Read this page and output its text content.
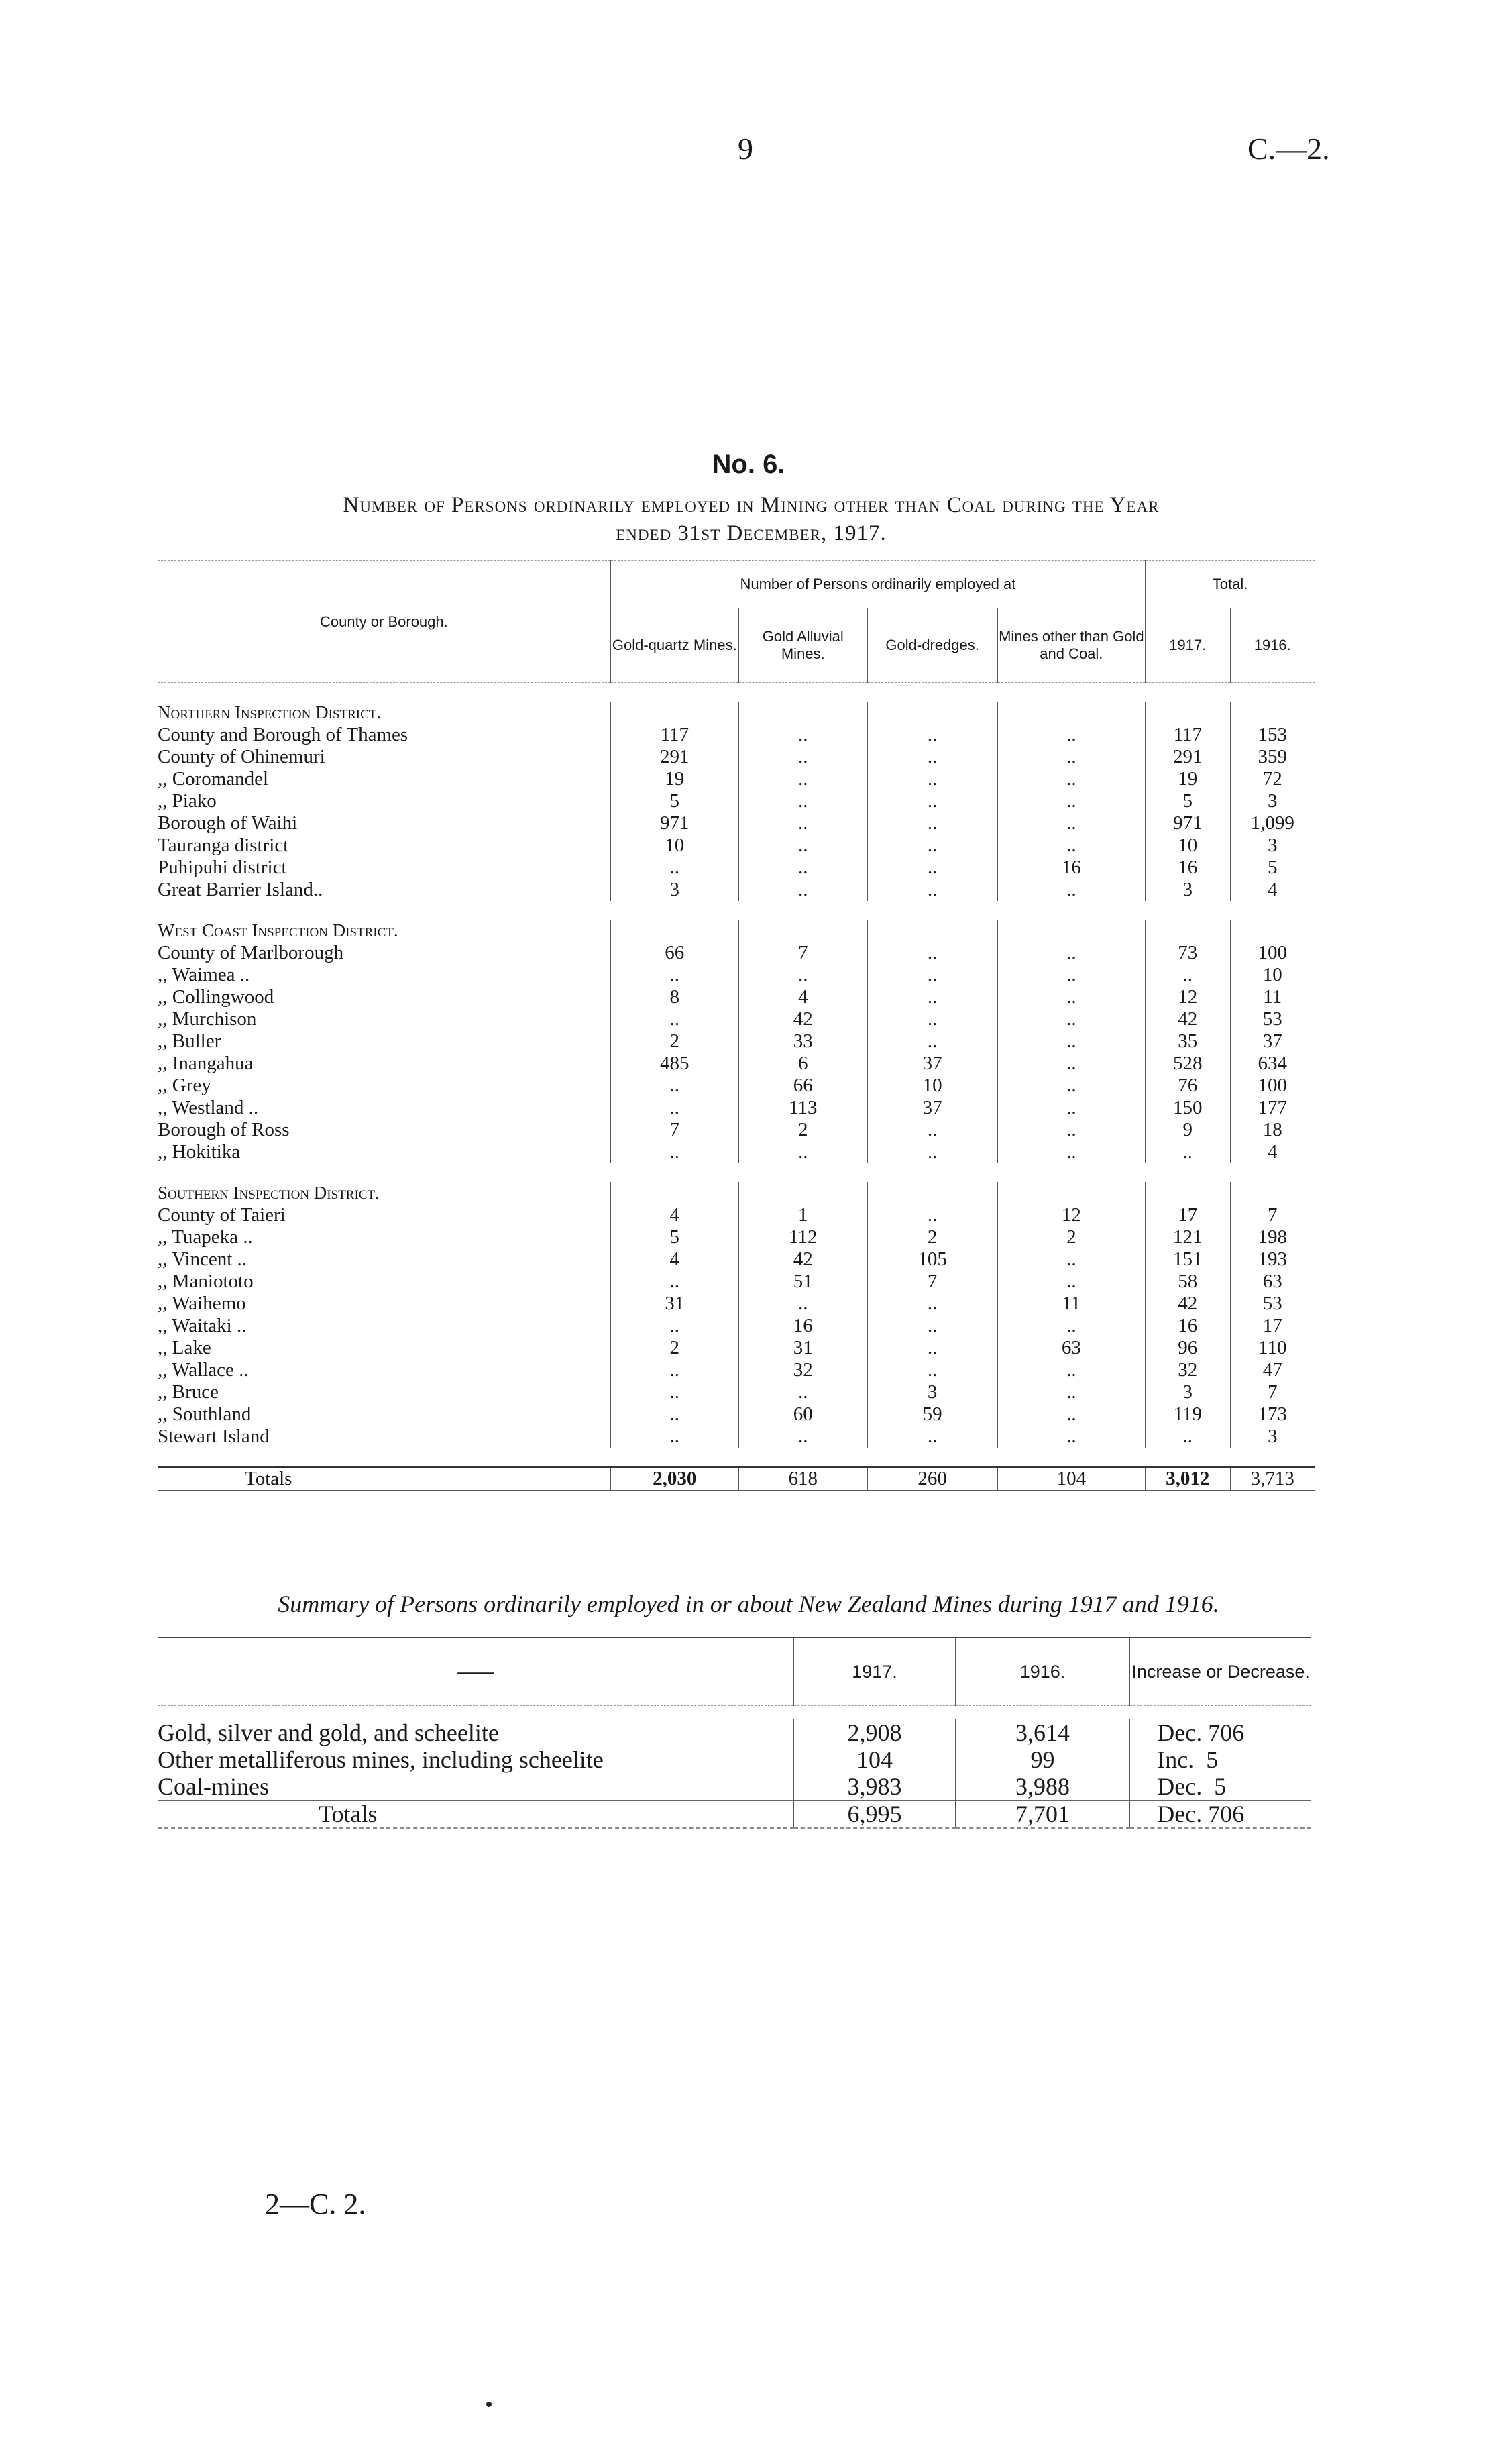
9	C.—2.
No. 6.
Number of Persons ordinarily employed in Mining other than Coal during the Year
ended 31st December, 1917.
County or Borough.	Number of Persons ordinarily employed at				Total.	
	Gold-quartz Mines.	Gold Alluvial Mines.	Gold-dredges.	Mines other than Gold and Coal.	1917.	1916.

Northern Inspection District.						
County and Borough of Thames	117	..	..	..	117	153
County of Ohinemuri	291	..	..	..	291	359
,, Coromandel	19	..	..	..	19	72
,, Piako	5	..	..	..	5	3
Borough of Waihi	971	..	..	..	971	1,099
Tauranga district	10	..	..	..	10	3
Puhipuhi district	..	..	..	16	16	5
Great Barrier Island..	3	..	..	..	3	4

West Coast Inspection District.						
County of Marlborough	66	7	..	..	73	100
,, Waimea ..	..	..	..	..	..	10
,, Collingwood	8	4	..	..	12	11
,, Murchison	..	42	..	..	42	53
,, Buller	2	33	..	..	35	37
,, Inangahua	485	6	37	..	528	634
,, Grey	..	66	10	..	76	100
,, Westland ..	..	113	37	..	150	177
Borough of Ross	7	2	..	..	9	18
,, Hokitika	..	..	..	..	..	4

Southern Inspection District.						
County of Taieri	4	1	..	12	17	7
,, Tuapeka ..	5	112	2	2	121	198
,, Vincent ..	4	42	105	..	151	193
,, Maniototo	..	51	7	..	58	63
,, Waihemo	31	..	..	11	42	53
,, Waitaki ..	..	16	..	..	16	17
,, Lake	2	31	..	63	96	110
,, Wallace ..	..	32	..	..	32	47
,, Bruce	..	..	3	..	3	7
,, Southland	..	60	59	..	119	173
Stewart Island	..	..	..	..	..	3

Totals	2,030	618	260	104	3,012	3,713
Summary of Persons ordinarily employed in or about New Zealand Mines during 1917 and 1916.
——	1917.	1916.	Increase or Decrease.

Gold, silver and gold, and scheelite	2,908	3,614	Dec. 706
Other metalliferous mines, including scheelite	104	99	Inc.  5
Coal-mines	3,983	3,988	Dec.  5
Totals	6,995	7,701	Dec. 706
2—C. 2.
